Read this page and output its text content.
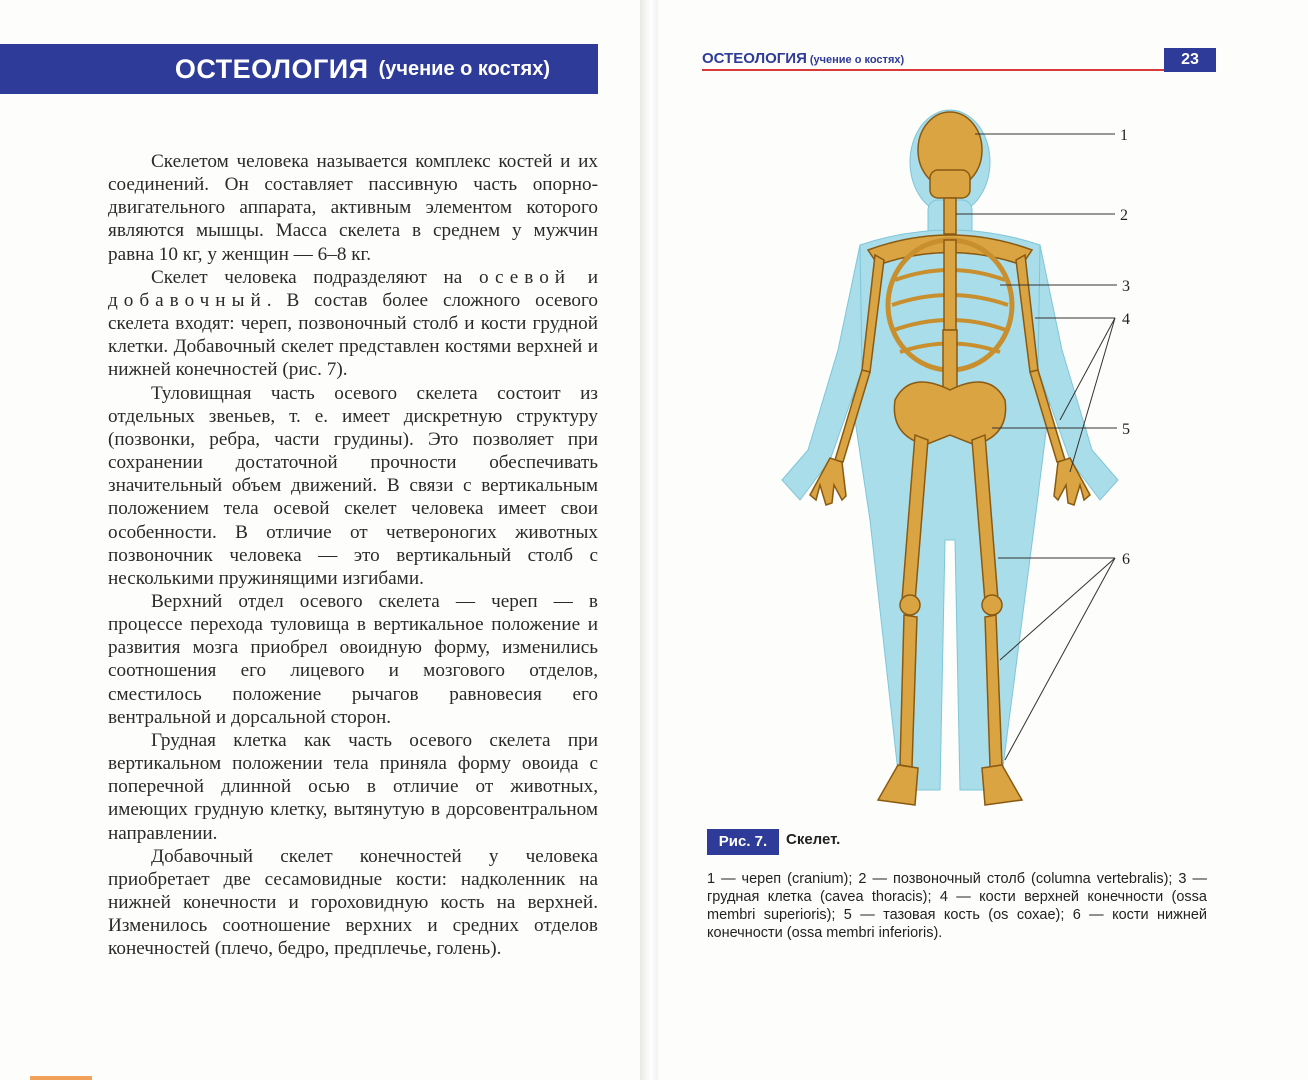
ОСТЕОЛОГИЯ (учение о костях)

Скелетом человека называется комплекс костей и их соединений. Он составляет пассивную часть опорно-двигательного аппарата, активным элементом которого являются мышцы. Масса скелета в среднем у мужчин равна 10 кг, у женщин — 6–8 кг.

Скелет человека подразделяют на осевой и добавочный. В состав более сложного осевого скелета входят: череп, позвоночный столб и кости грудной клетки. Добавочный скелет представлен костями верхней и нижней конечностей (рис. 7).

Туловищная часть осевого скелета состоит из отдельных звеньев, т. е. имеет дискретную структуру (позвонки, ребра, части грудины). Это позволяет при сохранении достаточной прочности обеспечивать значительный объем движений. В связи с вертикальным положением тела осевой скелет человека имеет свои особенности. В отличие от четвероногих животных позвоночник человека — это вертикальный столб с несколькими пружинящими изгибами.

Верхний отдел осевого скелета — череп — в процессе перехода туловища в вертикальное положение и развития мозга приобрел овоидную форму, изменились соотношения его лицевого и мозгового отделов, сместилось положение рычагов равновесия его вентральной и дорсальной сторон.

Грудная клетка как часть осевого скелета при вертикальном положении тела приняла форму овоида с поперечной длинной осью в отличие от животных, имеющих грудную клетку, вытянутую в дорсовентральном направлении.

Добавочный скелет конечностей у человека приобретает две сесамовидные кости: надколенник на нижней конечности и гороховидную кость на верхней. Изменилось соотношение верхних и средних отделов конечностей (плечо, бедро, предплечье, голень).

ОСТЕОЛОГИЯ (учение о костях)	23
1
2
3
4
5
6
Рис. 7.	Скелет.
1 — череп (cranium); 2 — позвоночный столб (columna vertebralis); 3 — грудная клетка (cavea thoracis); 4 — кости верхней конечности (ossa membri superioris); 5 — тазовая кость (os coxae); 6 — кости нижней конечности (ossa membri inferioris).
